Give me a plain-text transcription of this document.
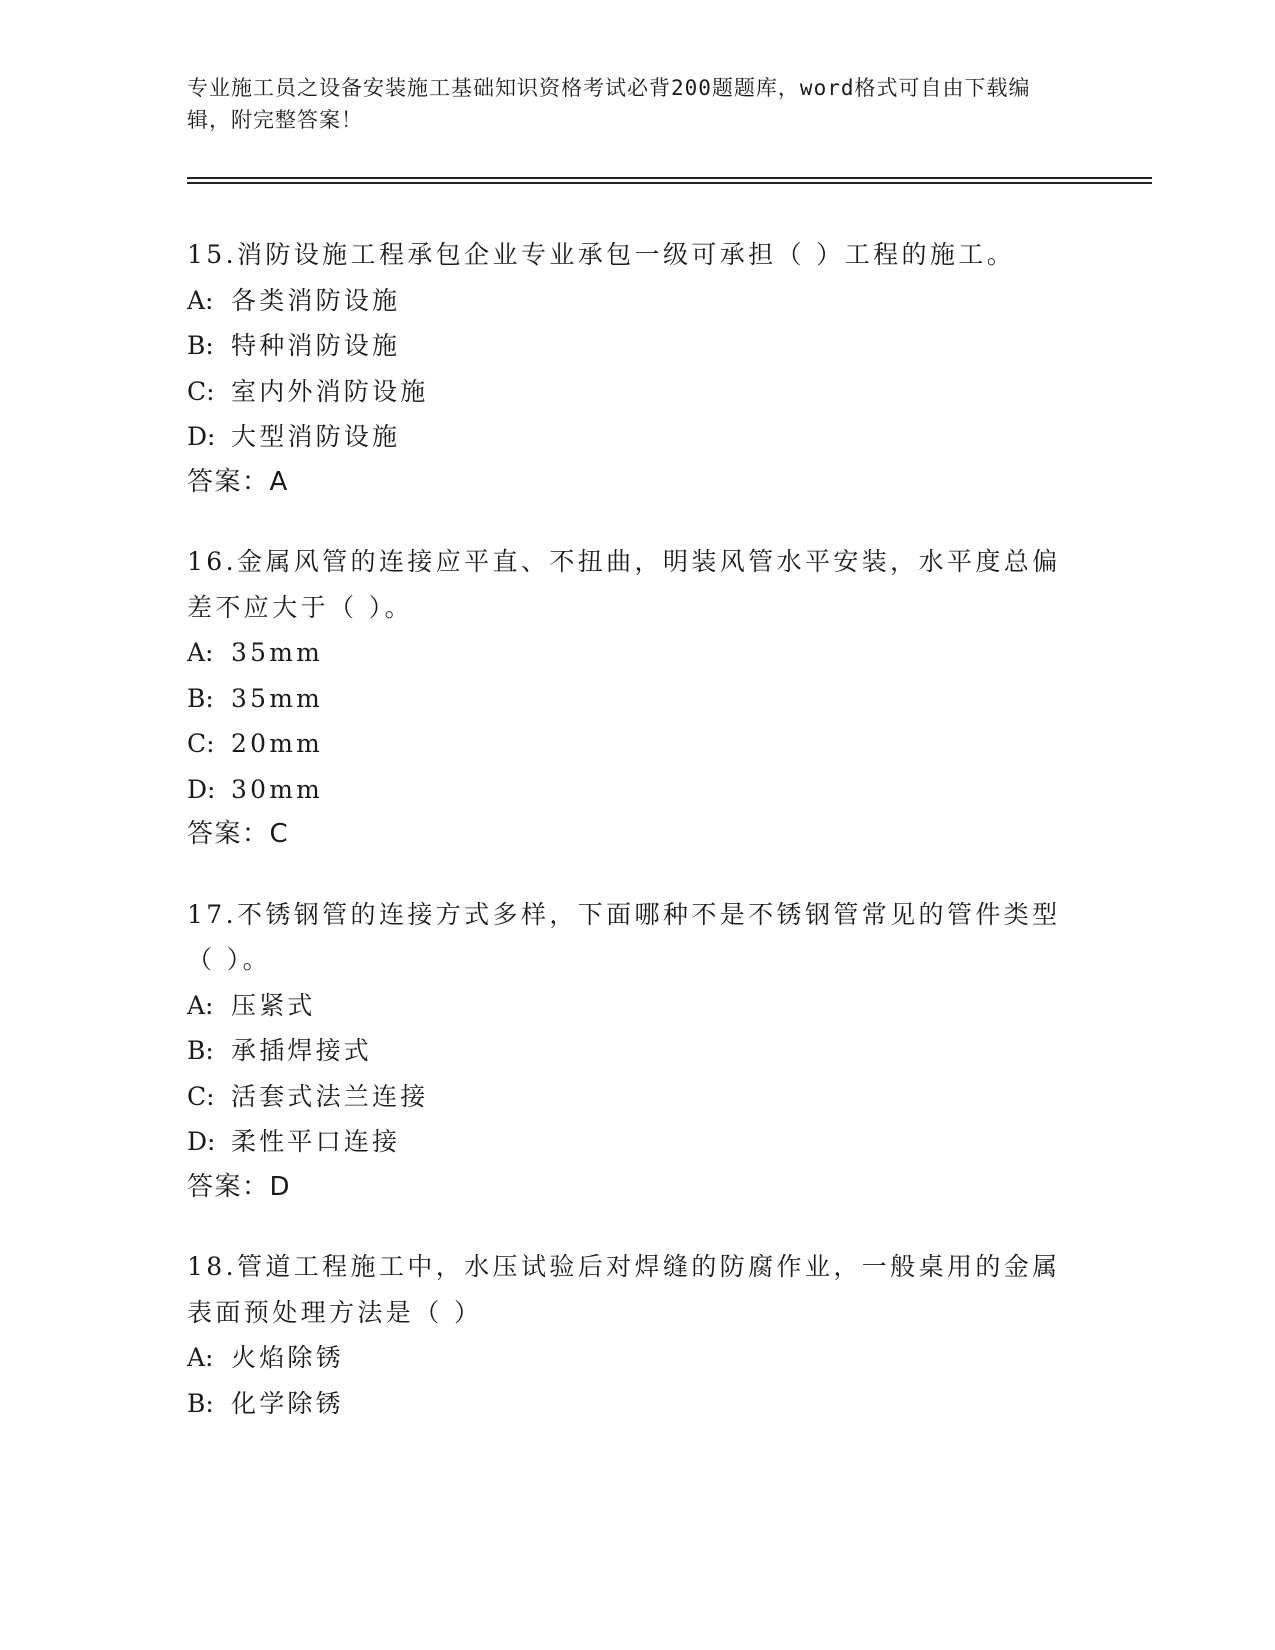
专业施工员之设备安装施工基础知识资格考试必背200题题库，word格式可自由下载编辑，附完整答案！
15.消防设施工程承包企业专业承包一级可承担（ ）工程的施工。
A: 各类消防设施
B: 特种消防设施
C: 室内外消防设施
D: 大型消防设施
答案：A
16.金属风管的连接应平直、不扭曲，明装风管水平安装，水平度总偏差不应大于（ ）。
A: 35mm
B: 35mm
C: 20mm
D: 30mm
答案：C
17.不锈钢管的连接方式多样，下面哪种不是不锈钢管常见的管件类型（ ）。
A: 压紧式
B: 承插焊接式
C: 活套式法兰连接
D: 柔性平口连接
答案：D
18.管道工程施工中，水压试验后对焊缝的防腐作业，一般桌用的金属表面预处理方法是（ ）
A: 火焰除锈
B: 化学除锈
